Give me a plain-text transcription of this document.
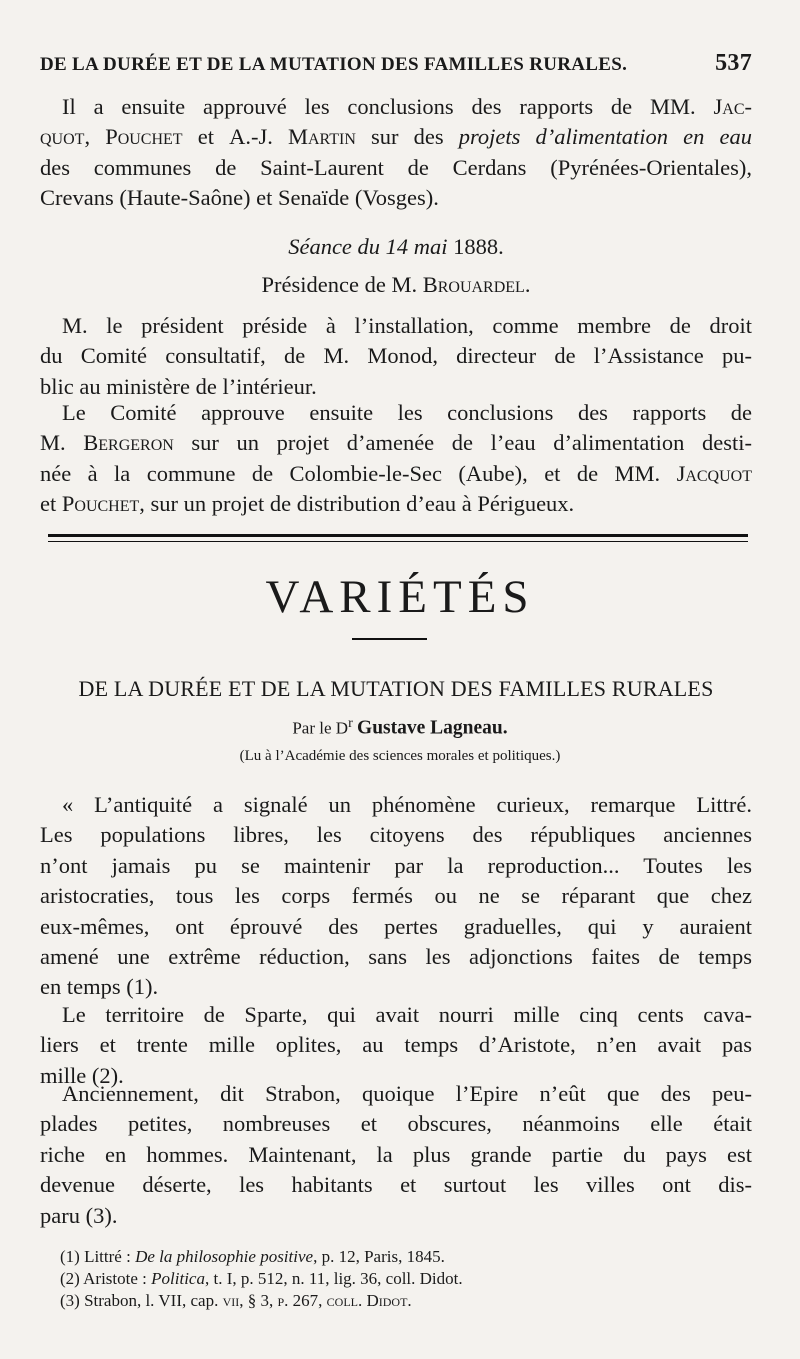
DE LA DURÉE ET DE LA MUTATION DES FAMILLES RURALES.	537
Il a ensuite approuvé les conclusions des rapports de MM. Jac-
quot, Pouchet et A.-J. Martin sur des projets d’alimentation en eau
des communes de Saint-Laurent de Cerdans (Pyrénées-Orientales),
Crevans (Haute-Saône) et Senaïde (Vosges).
Séance du 14 mai 1888.
Présidence de M. Brouardel.
M. le président préside à l’installation, comme membre de droit
du Comité consultatif, de M. Monod, directeur de l’Assistance pu-
blic au ministère de l’intérieur.
Le Comité approuve ensuite les conclusions des rapports de
M. Bergeron sur un projet d’amenée de l’eau d’alimentation desti-
née à la commune de Colombie-le-Sec (Aube), et de MM. Jacquot
et Pouchet, sur un projet de distribution d’eau à Périgueux.
VARIÉTÉS
DE LA DURÉE ET DE LA MUTATION DES FAMILLES RURALES
Par le $D^r$ Gustave Lagneau.
(Lu à l’Académie des sciences morales et politiques.)
« L’antiquité a signalé un phénomène curieux, remarque Littré.
Les populations libres, les citoyens des républiques anciennes
n’ont jamais pu se maintenir par la reproduction... Toutes les
aristocraties, tous les corps fermés ou ne se réparant que chez
eux-mêmes, ont éprouvé des pertes graduelles, qui y auraient
amené une extrême réduction, sans les adjonctions faites de temps
en temps (1).
Le territoire de Sparte, qui avait nourri mille cinq cents cava-
liers et trente mille oplites, au temps d’Aristote, n’en avait pas
mille (2).
Anciennement, dit Strabon, quoique l’Epire n’eût que des peu-
plades petites, nombreuses et obscures, néanmoins elle était
riche en hommes. Maintenant, la plus grande partie du pays est
devenue déserte, les habitants et surtout les villes ont dis-
paru (3).
(1) Littré : De la philosophie positive, p. 12, Paris, 1845.
(2) Aristote : Politica, t. I, p. 512, n. 11, lig. 36, coll. Didot.
(3) Strabon, l. VII, cap. vii, § 3, p. 267, coll. Didot.
